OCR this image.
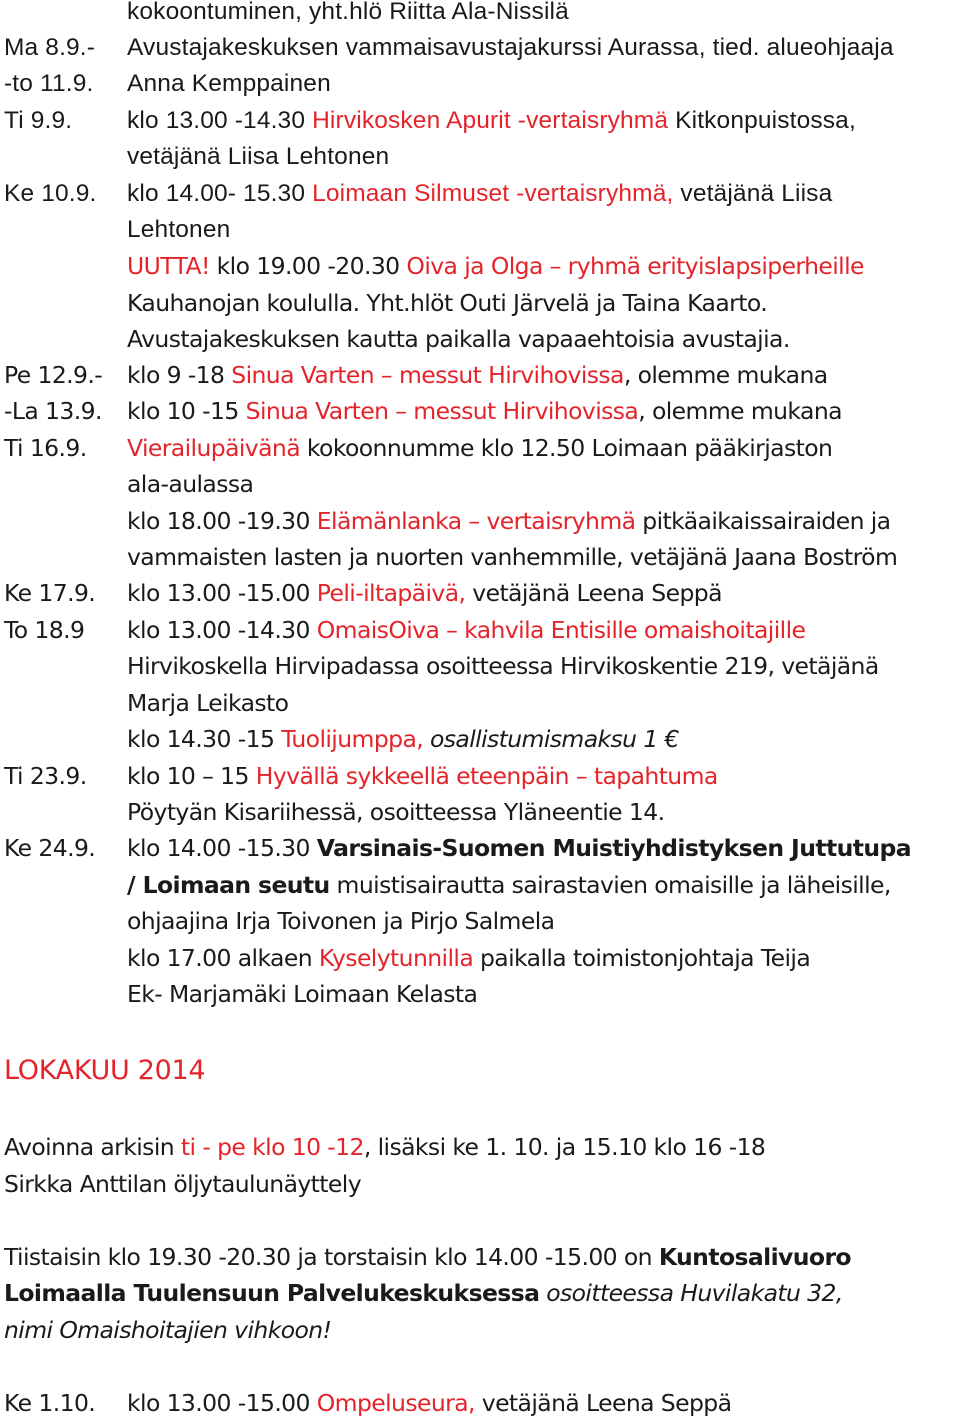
kokoontuminen, yht.hlö Riitta Ala-Nissilä
Ma 8.9.- Avustajakeskuksen vammaisavustajakurssi Aurassa, tied. alueohjaaja
-to 11.9. Anna Kemppainen
Ti 9.9. klo 13.00 -14.30 Hirvikosken Apurit -vertaisryhmä Kitkonpuistossa,
vetäjänä Liisa Lehtonen
Ke 10.9. klo 14.00- 15.30 Loimaan Silmuset -vertaisryhmä, vetäjänä Liisa
Lehtonen
UUTTA! klo 19.00 -20.30 Oiva ja Olga – ryhmä erityislapsiperheille
Kauhanojan koululla. Yht.hlöt Outi Järvelä ja Taina Kaarto.
Avustajakeskuksen kautta paikalla vapaaehtoisia avustajia.
Pe 12.9.- klo 9 -18 Sinua Varten – messut Hirvihovissa, olemme mukana
-La 13.9. klo 10 -15 Sinua Varten – messut Hirvihovissa, olemme mukana
Ti 16.9. Vierailupäivänä kokoonnumme klo 12.50 Loimaan pääkirjaston
ala-aulassa
klo 18.00 -19.30 Elämänlanka – vertaisryhmä pitkäaikaissairaiden ja
vammaisten lasten ja nuorten vanhemmille, vetäjänä Jaana Boström
Ke 17.9. klo 13.00 -15.00 Peli-iltapäivä, vetäjänä Leena Seppä
To 18.9 klo 13.00 -14.30 OmaisOiva – kahvila Entisille omaishoitajille
Hirvikoskella Hirvipadassa osoitteessa Hirvikoskentie 219, vetäjänä
Marja Leikasto
klo 14.30 -15 Tuolijumppa, osallistumismaksu 1 €
Ti 23.9. klo 10 – 15 Hyvällä sykkeellä eteenpäin – tapahtuma
Pöytyän Kisariihessä, osoitteessa Yläneentie 14.
Ke 24.9. klo 14.00 -15.30 Varsinais-Suomen Muistiyhdistyksen Juttutupa
/ Loimaan seutu muistisairautta sairastavien omaisille ja läheisille,
ohjaajina Irja Toivonen ja Pirjo Salmela
klo 17.00 alkaen Kyselytunnilla paikalla toimistonjohtaja Teija
Ek- Marjamäki Loimaan Kelasta
LOKAKUU 2014
Avoinna arkisin ti - pe klo 10 -12, lisäksi ke 1. 10. ja 15.10 klo 16 -18
Sirkka Anttilan öljytaulunäyttely
Tiistaisin klo 19.30 -20.30 ja torstaisin klo 14.00 -15.00 on Kuntosalivuoro
Loimaalla Tuulensuun Palvelukeskuksessa osoitteessa Huvilakatu 32,
nimi Omaishoitajien vihkoon!
Ke 1.10. klo 13.00 -15.00 Ompeluseura, vetäjänä Leena Seppä
